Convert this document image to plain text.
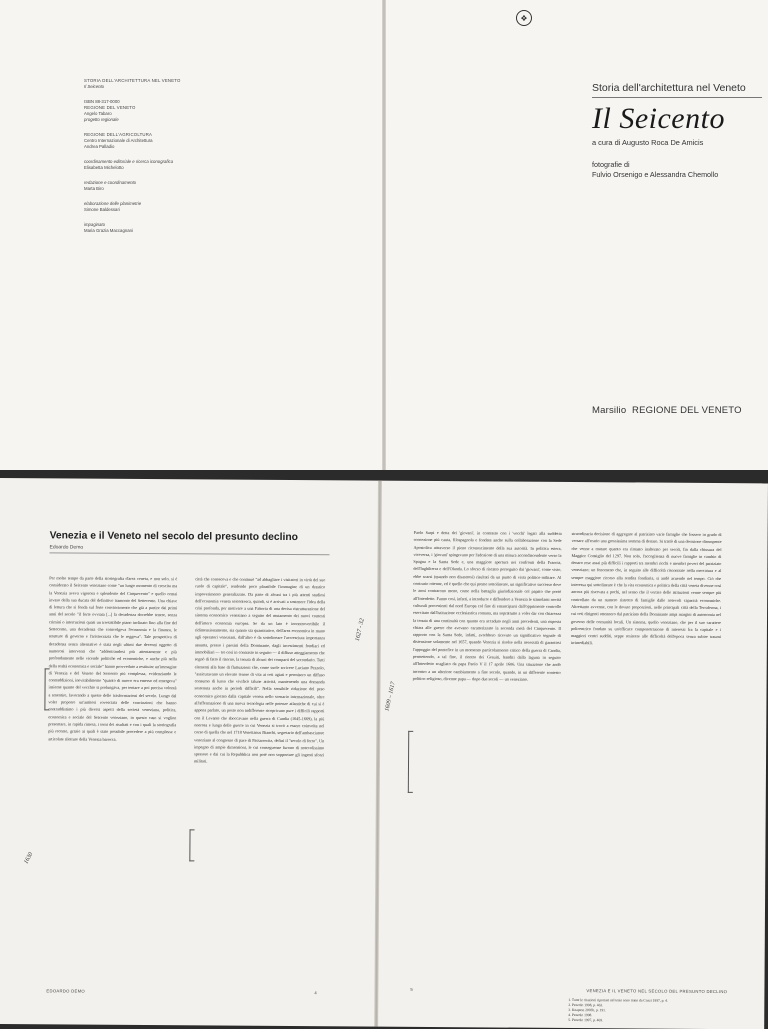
STORIA DELL'ARCHITETTURA NEL VENETO
Il Seicento
ISBN 88-317-0000
REGIONE DEL VENETO
Angelo Tabaro
progetto regionale
REGIONE DELL'AGRICOLTURA
Centro Internazionale di Architettura
Andrea Palladio
coordinamento editoriale e ricerca iconografica
Elisabetta Michelotto
redazione e coordinamento
Marta Biro
elaborazione delle planimetrie
Simone Baldessari
impaginato
Maria Grazia Maccagnani
❖
Storia dell'architettura nel Veneto
Il Seicento
a cura di Augusto Roca De Amicis
fotografie di
Fulvio Orsenigo e Alessandra Chemollo
Marsilio REGIONE DEL VENETO
Venezia e il Veneto nel secolo del presunto declino
Edoardo Demo

Per molto tempo da parte della storiografia d'area veneta, e non solo, si è considerato il Seicento veneziano come "un lungo momento di crescita ma la Venezia aveva vigorosa e splendente del Cinquecento" e quello ormai invaso della sua ducata del definitivo tramonto del Settecento. Una chiave di lettura che si fonda sul forte convincimento che già a partire dai primi anni del secolo "il forte ovviata [...] la decadenza dovrebbe tenere, senza crimini o interruzioni quasi un irresistibile piano inclinato fino alla fine del Settecento, una decadenza che coinvolgeva l'economia e la finanza, le strutture di governo e l'aristocrazia che le reggeva". Tale prospettiva di decadenza senza alternative è stata negli ultimi due decenni oggetto di numerosi interventi che "addentrandosi più attentamente e più profondamente nelle vicende politiche ed economiche, e anche più nella della realtà economica e sociale" hanno provveduto a restituire un'immagine di Venezia e del Veneto del Seicento più complessa, evidenziando le contraddizioni, inevitabilmente "quanto di nuovo era emerso ed emergeva" insieme quanto del vecchio si prolungava, per tentare a poi precisa volontà a smentire, lavorando a queste delle trasformazioni del secolo. Lungo dal voler proporre un'antitesi rovesciata delle convinzioni che hanno contraddistinto i più diversi aspetti della società veneziana, politica, economica e sociale del Seicento veneziano, in questo caso si voglion presentare, in rapida rimesa, i temi dei risultati e con i quali la storiografia più recente, grazie ai quali è stato possibile procedere a più complesse e articolate riletture della Venezia barocca.

città che conosceva e che continuò "ad abbagliare i visitatori in virtù del suo ruolo di capitale", rendendo poco plausibile l'immagine di un drastico impoverimento generalizzato. Da parte di alcuni tra i più attenti studiosi dell'economia veneta seicentesca, quindi, si è arrivati a sostenere l'idea della crisi profonda, per motivare a una Fattoria di una decisa ristrutturazione del sistema economico veneziano a seguito del mutamento dei nuovi contesti dell'intero economia europea. Se da un lato è incontrovertibile il ridimensionamento, sia quanto sia quantitativo, dell'area economica in mano agli operatori veneziani, dall'altro è da sottolineare l'accresciuta importanza assunta, presso i paesini della Dominante, dagli investimenti fondiari ed immobiliari — tre così in contrasto in seguito — il diffuso atteggiamento che segnò di fatto il ritorno, la tenuta di alcuni dei comparti del secondario. Tutti elementi alla base di fluttuazioni che, come suole scrivere Luciano Pezzolo, "assicuravano un elevato tenore di vita ai ceti agiati e permisero un diffuso consumo di lusso che vivificò talune attività, mantenendo una domanda sostenuta anche in periodi difficili". Nella sensibile riduzione del peso economico giocato dalla capitale veneta nello scenario internazionale, oltre all'affermazione di una nuova tecnologia nelle potenze atlantiche di cui si è appena parlato, un posto non indifferente ricoprivano pure i difficili rapporti con il Levante che sboccavano nella guerra di Candia (1645-1669), la più onerosa e lunga delle guerre in cui Venezia si trovò a essere coinvolta nel corso di quella che nel 1718 Venetianus Bianchi, segretario dell'ambasciatore veneziano al congresso di pace di Passarowitz, definì il "secolo di ferro". Un impegno di ampie dimensioni, le cui conseguenze furono di notevolissimo spessore e dai cui la Repubblica non poté non sopportare gli ingenti sforzi militari.

Paolo Sarpi e detta dei 'giovani', in contrasto con i 'vecchi' legati alla suddetta concezione più cauta, filospagnola e fondata anche sulla collaborazione con la Sede Apostolica attraverso il pieno riconoscimento della sua autorità. In politica estera, viceversa, i 'giovani' spingevano per l'adozione di una misura accondiscendente verso la Spagna e la Santa Sede e, una maggiore apertura nei confronti della Francia, dell'Inghilterra e dell'Olanda. Lo sforzo di riscatto perseguito dai 'giovani', come visto, ebbe scarsi (quando non disastrosi) risultati da un punto di vista politico-militare. Al contrario ottenne, ed è quello che qui preme sottolineare, un significativo successo dove le armi contrarono meno, come nella battaglia giurisdizionale col papato che portò all'Interdetto. Fanno così, infatti, a introdurre e diffondere a Venezia le stimolanti novità culturali provenienti dal nord Europa col fine di emanciparsi dall'opprimente controllo esercitato dall'istituzione ecclesiastica romana, ma soprattutto a voler dar con chiarezza la tenuta di una continuità con quanto era accaduto negli anni precedenti, una risposta chiara alle guerre che avevano caratterizzato la seconda metà del Cinquecento. Il rapporto con la Santa Sede, infatti, avrebbero ricevuto un significativo segnale di distensione solamente nel 1657, quando Venezia si risolse nella necessità di garantirsi l'appoggio del pontefice in un momento particolarmente critico della guerra di Candia, permettendo, a tal fine, il rientro dei Gesuiti, banditi dalla laguna in seguito all'Interdetto scagliato da papa Paolo V il 17 aprile 1606. Una situazione che andò incontro a un ulteriore cambiamento a fine secolo, quando, in un differente contesto politico-religioso, divenne papa — dopo due secoli — un veneziano.

straordinaria decisione di aggregare al patriziato varie famiglie che fossero in grado di versare all'erario una grossissima somma di denaro. Si trattò di una decisione dirompente che venne a mutare quanto era rimasto inalterato per secoli, fin dalla chiusura del Maggior Consiglio del 1297. Non solo, l'accoglienza di nuove famiglie in cambio di denaro rese assai più difficili i rapporti tra membri ricchi e membri poveri del patriziato veneziano; un fenomeno che, in seguito alle difficoltà riscontrate nella mercatura e al sempre maggiore ricorso alla rendita fondiaria, si andò acuendo nel tempo. Ciò che interessa qui sottolineare è che la vita economica e politica della città veneta divenne così ancora più riservata a pochi, nel senso che il vertice delle istituzioni venne sempre più controllato da un numero ristretto di famiglie dalle notevoli capacità economiche. Altrettanto avvenne, con le dovute proporzioni, nelle principali città della Terraferma, i cui ceti dirigenti ottennero dal patriziato della Dominante ampi margini di autonomia nel governo delle comunità locali. Un sistema, quello veneziano, che per il suo carattere policentrico fondato su un'efficace compenetrazione di interessi fra la capitale e i maggiori centri sudditi, seppe resistere alle difficoltà dell'epoca senza subire traumi irrimediabili.

1627 - 32
1630
1609 – 1617
EDOARDO DEMO	4
5	VENEZIA E IL VENETO NEL SECOLO DEL PRESUNTO DECLINO
1. Tutte le citazioni riportate nel testo sono tratte da Cozzi 1997, p. 4.
2. Pezzolo 1998, p. 463.
3. Knapton 2003b, p. 191.
4. Pezzolo 1998.
5. Pezzolo 1997, p. 469.
